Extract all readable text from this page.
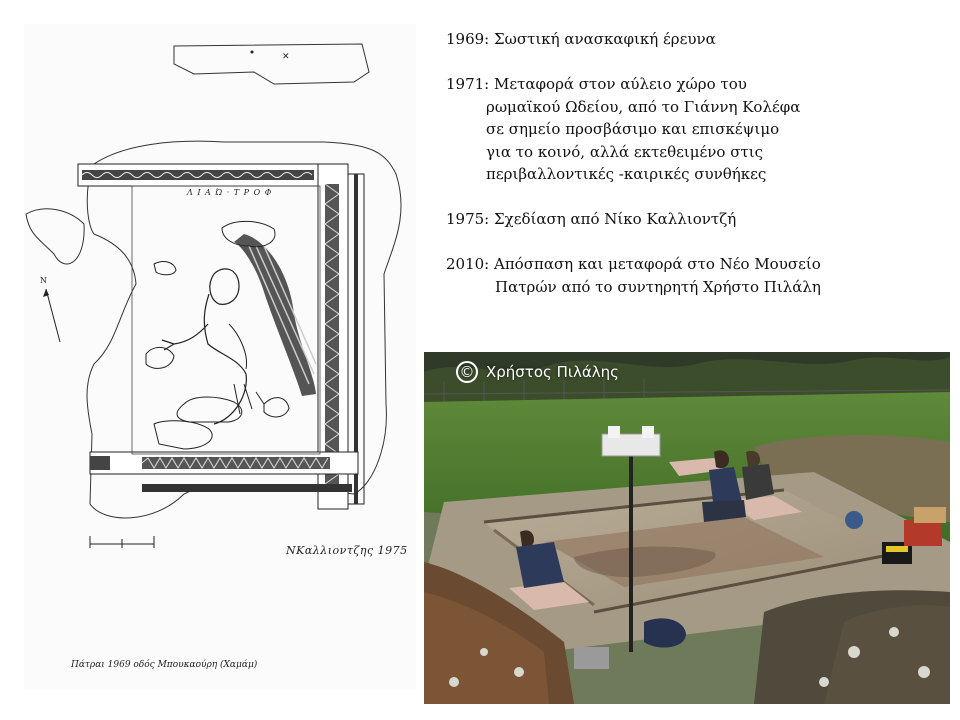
✕
Λ Ι Α Ώ · Τ Ρ Ο Φ
N
ΝΚαλλιοντζης 1975
Πάτραι 1969 οδός Μπουκαούρη (Χαμάμ)
1969: Σωστική ανασκαφική έρευνα
1971: Μεταφορά στον αύλειο χώρο του
ρωμαϊκού Ωδείου, από το Γιάννη Κολέφα
σε σημείο προσβάσιμο και επισκέψιμο
για το κοινό, αλλά εκτεθειμένο στις
περιβαλλοντικές -καιρικές συνθήκες
1975: Σχεδίαση από Νίκο Καλλιοντζή
2010: Απόσπαση και μεταφορά στο Νέο Μουσείο
Πατρών από το συντηρητή Χρήστο Πιλάλη
© Χρήστος Πιλάλης
